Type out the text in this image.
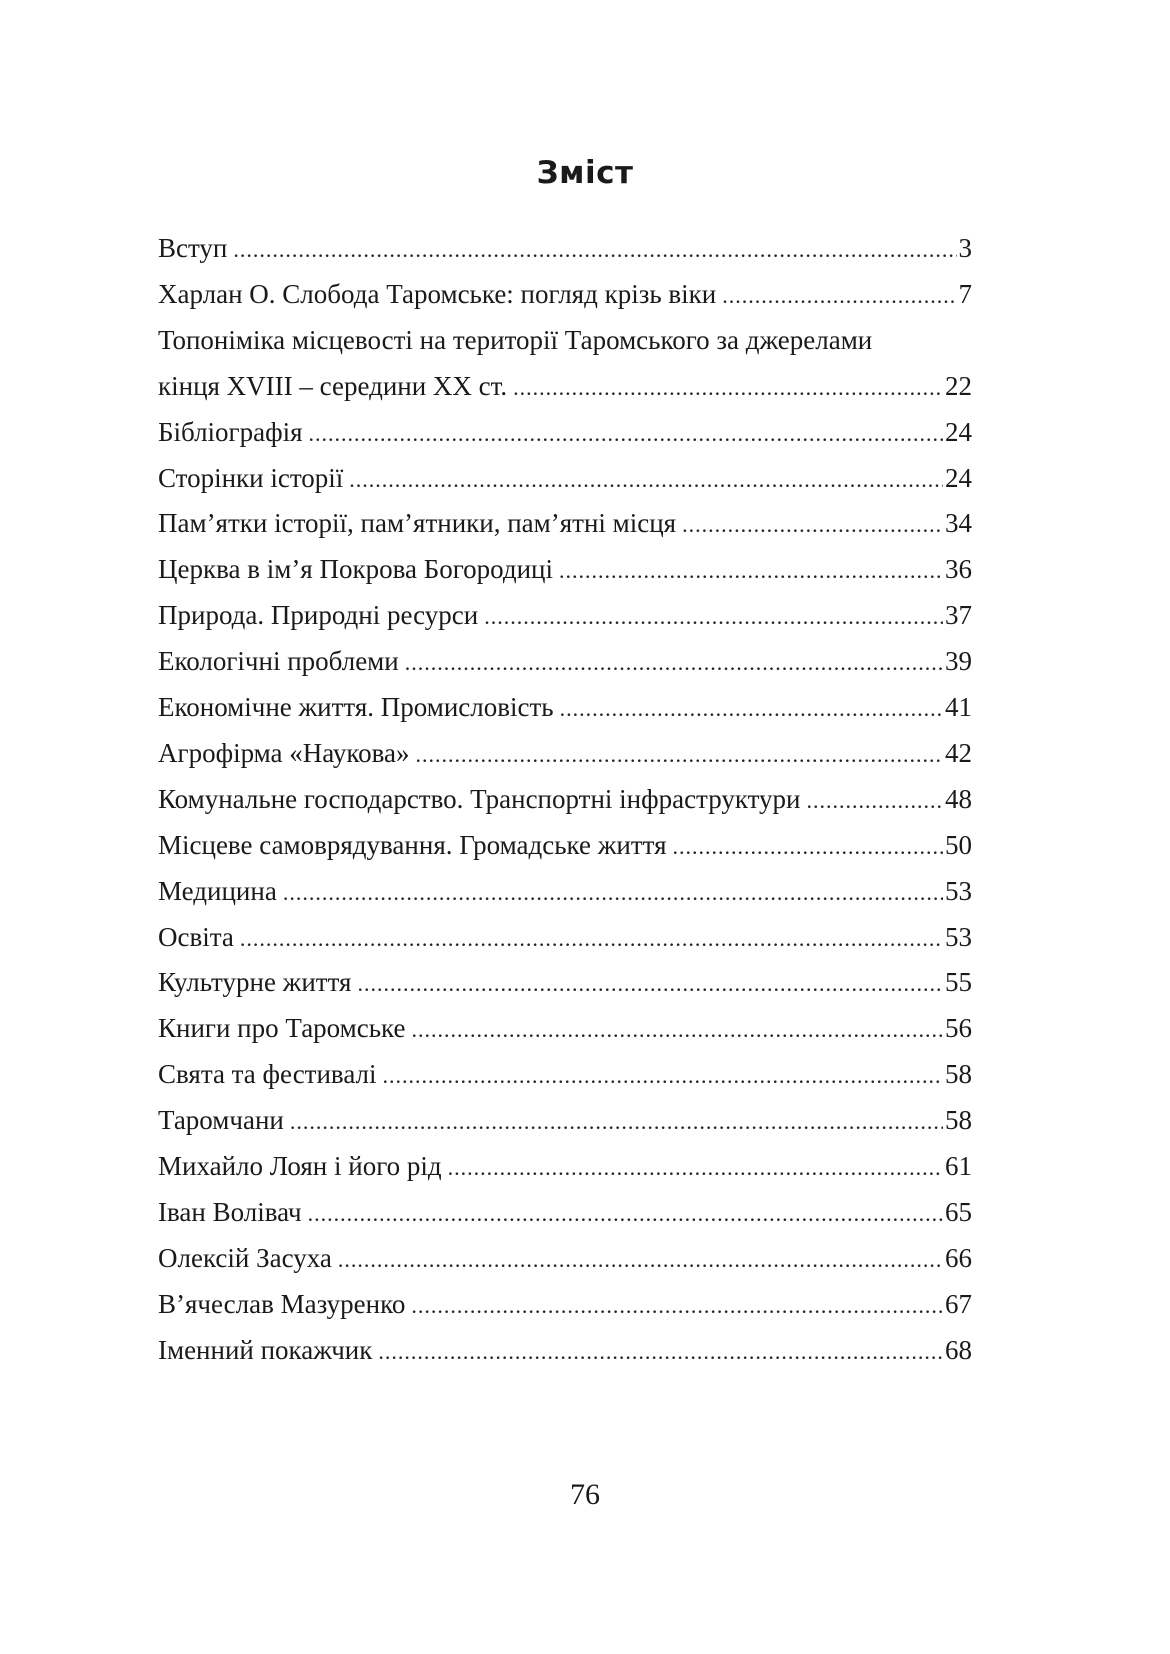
Зміст
Вступ .....	3
Харлан О. Слобода Таромське: погляд крізь віки .....	7
Топоніміка місцевості на території Таромського за джерелами
кінця XVIII – середини XX ст. .....	22
Бібліографія .....	24
Сторінки історії .....	24
Пам’ятки історії, пам’ятники, пам’ятні місця .....	34
Церква в ім’я Покрова Богородиці .....	36
Природа. Природні ресурси .....	37
Екологічні проблеми .....	39
Економічне життя. Промисловість .....	41
Агрофірма «Наукова» .....	42
Комунальне господарство. Транспортні інфраструктури .....	48
Місцеве самоврядування. Громадське життя .....	50
Медицина .....	53
Освіта .....	53
Культурне життя .....	55
Книги про Таромське .....	56
Свята та фестивалі .....	58
Таромчани .....	58
Михайло Лоян і його рід .....	61
Іван Волівач .....	65
Олексій Засуха .....	66
В’ячеслав Мазуренко .....	67
Іменний покажчик .....	68
76
